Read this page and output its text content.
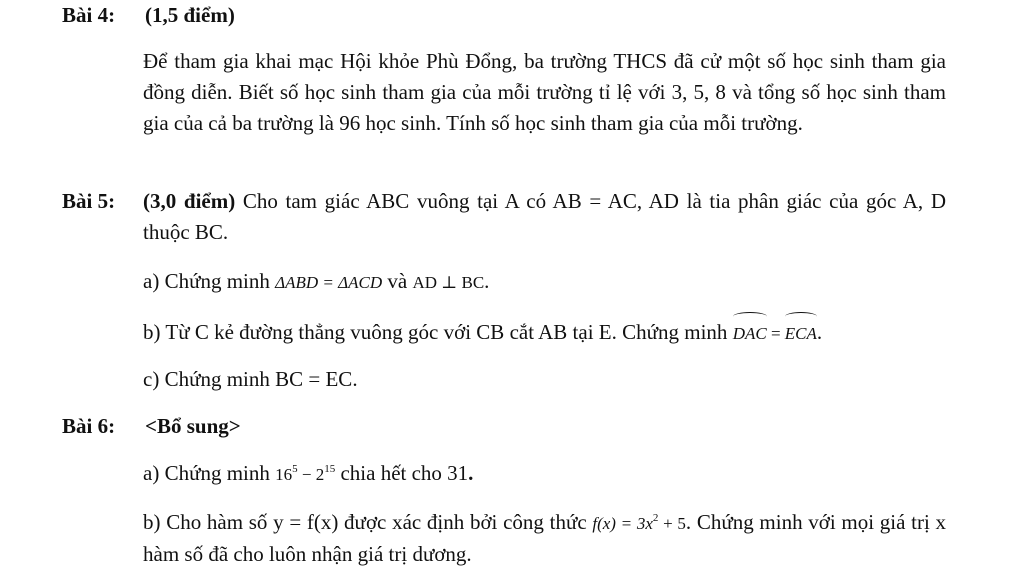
Bài 4: (1,5 điểm)
Để tham gia khai mạc Hội khỏe Phù Đổng, ba trường THCS đã cử một số học sinh tham gia đồng diễn. Biết số học sinh tham gia của mỗi trường tỉ lệ với 3, 5, 8 và tổng số học sinh tham gia của cả ba trường là 96 học sinh. Tính số học sinh tham gia của mỗi trường.
Bài 5: (3,0 điểm) Cho tam giác ABC vuông tại A có AB = AC, AD là tia phân giác của góc A, D thuộc BC.
a) Chứng minh ΔABD = ΔACD và AD ⊥ BC.
b) Từ C kẻ đường thẳng vuông góc với CB cắt AB tại E. Chứng minh DAC = ECA.
c) Chứng minh BC = EC.
Bài 6: <Bổ sung>
a) Chứng minh $16^5 - 2^{15}$ chia hết cho 31.
b) Cho hàm số y = f(x) được xác định bởi công thức $f(x) = 3x^2 + 5$. Chứng minh với mọi giá trị x hàm số đã cho luôn nhận giá trị dương.
